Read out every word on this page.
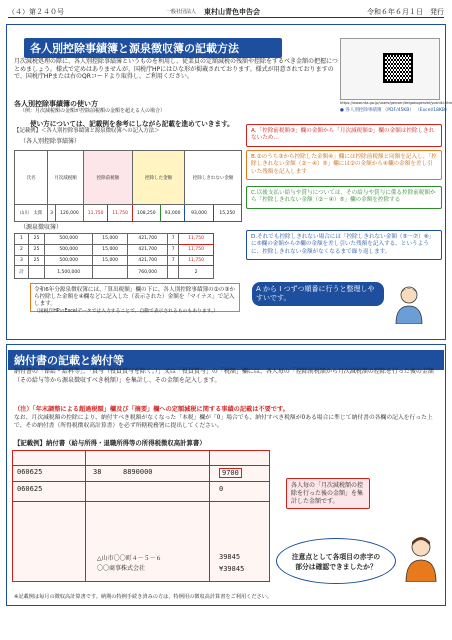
（４）第２４０号	一般社団法人 東村山青色申告会	令和６年６月１日　発行
各人別控除事績簿と源泉徴収簿の記載方法
月次減税処理の際に、各人別控除事績簿というものを利用し、従業員の定額減税の残額や控除をするべき金額の把握につとめましょう。様式で定めはありませんが、国税庁HPにはひな形が掲載されております。様式が用意されておりますので、国税庁HPまたは右のQRコードより取得し、ご利用ください。
https://www.nta.go.jp/users/gensen/teigakugenzei/yoshiki.htm
● 各人別控除事績簿 （PDF/45KB） （Excel/18KB）
各人別控除事績簿の使い方
（例：月次減税額の金額が控除前税額の金額を超える人の場合）
使い方については、記載例を参考にしながら記載を進めていきます。
【記載例】＜各人別控除事績簿と源泉徴収簿への記入方法＞
（各人別控除事績簿）
氏名	月次減税額		控除前税額		控除した金額		控除しきれない金額	
山川　太郎	3	120,000	11,750	11,750	108,250	93,000	93,000	15,250
（源泉徴収簿）
1	25	500,000	15,000	421,700	7	11,750
2	25	500,000	15,000	421,700	7	11,750
3	25	500,000	15,000	421,700	7	11,750
計		1,500,000		760,000		2
令和6年分源泉徴収簿には、「算出税額」欄の下に、各人別控除事績簿の②の③から控除した金額を④欄などに記入した（表示された）金額を「マイナス」で記入します。
（国税庁HPのExcelデータでは入力することで、自動で表示されるものもあります。）
A.「控除前税額③」欄の金額から「月次減税額②」欄の金額は控除しきれないため…
B.②のうち③から控除した金額④」欄には控除前税額と同額を記入し、「控除しきれない金額（②－④）⑤」欄には②の金額から④欄の金額を差し引いた残額を記入します
C.以後支払い給与や賞与については、その給与や賞与に係る控除前税額から「控除しきれない金額（②－④）⑤」欄の金額を控除する
D.それでも控除しきれない場合には「控除しきれない金額（⑤－⑦）⑧」に⑤欄の金額から⑦欄の金額を差し引いた残額を記入する、というように、控除しきれない金額がなくなるまで繰り返します。
A から I つずつ順番に行うと整理しやすいです。
納付書の記載と納付等
納付書の「俸給・給料等」、「賞与（役員賞与を除く。）」又は「役員賞与」の「税額」欄には、各人毎の「控除前税額から月次減税額の控除を行った後の金額（その給与等から源泉徴収すべき税額）」を集計し、その金額を記入します。
（注）「年末調整による超過税額」欄及び「摘要」欄への定額減税に関する事績の記載は不要です。
なお、月次減税額の控除により、納付すべき税額がなくなった「本税」欄が「0」場合でも、納付すべき税額が0ある場合に準じて納付書の各欄の記入を行った上で、その納付書（所得税徴収高計算書）を必ず所轄税務署に提出してください。
【記載例】納付書（給与所得・退職所得等の所得税徴収高計算書）
060625
060625
38	8890000	9700
0
△山市〇〇町４－５－６
〇〇商事株式会社
39845
¥39845
各人毎の「月次減税額の控除を行った後の金額」を集計した金額です。
注意点として各項目の赤字の部分は確認できましたか？
※記載例は毎月の徴収高計算書です。納期の特例手続き済みの方は、特例用の徴収高計算書をご利用ください。
